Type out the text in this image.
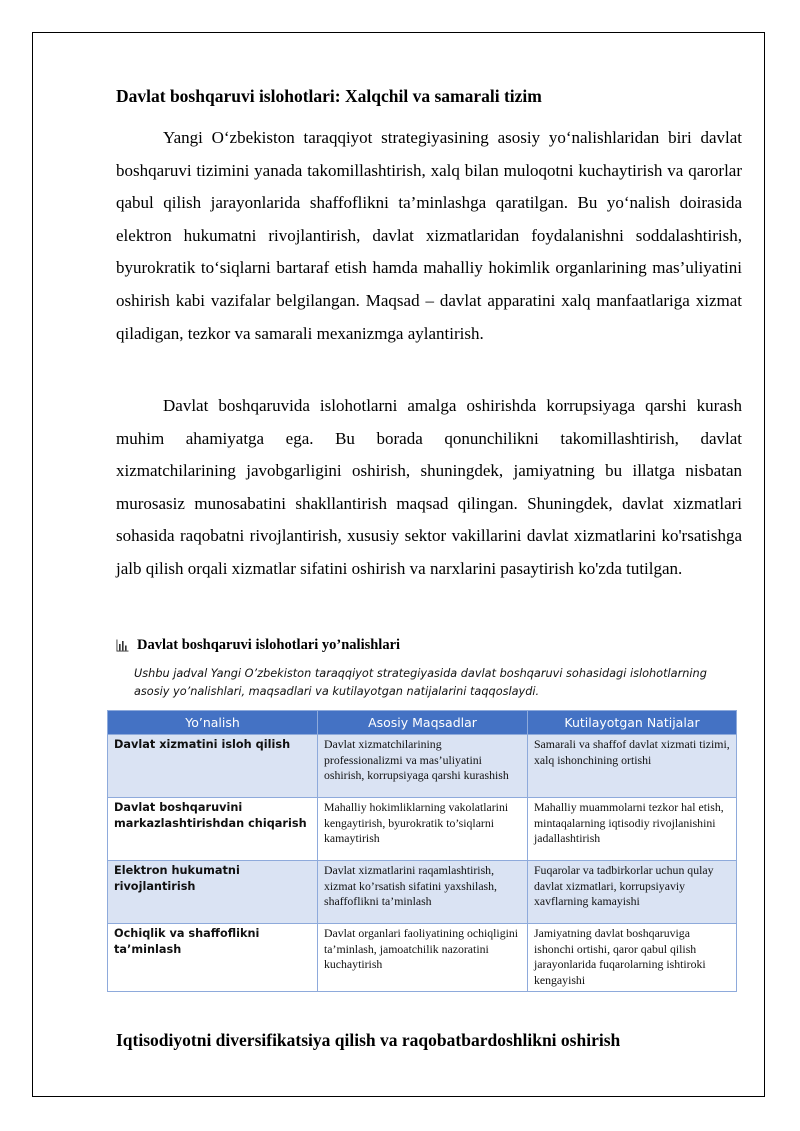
Davlat boshqaruvi islohotlari: Xalqchil va samarali tizim

Yangi O‘zbekiston taraqqiyot strategiyasining asosiy yo‘nalishlaridan biri davlat boshqaruvi tizimini yanada takomillashtirish, xalq bilan muloqotni kuchaytirish va qarorlar qabul qilish jarayonlarida shaffoflikni ta’minlashga qaratilgan. Bu yo‘nalish doirasida elektron hukumatni rivojlantirish, davlat xizmatlaridan foydalanishni soddalashtirish, byurokratik to‘siqlarni bartaraf etish hamda mahalliy hokimlik organlarining mas’uliyatini oshirish kabi vazifalar belgilangan. Maqsad – davlat apparatini xalq manfaatlariga xizmat qiladigan, tezkor va samarali mexanizmga aylantirish.

Davlat boshqaruvida islohotlarni amalga oshirishda korrupsiyaga qarshi kurash muhim ahamiyatga ega. Bu borada qonunchilikni takomillashtirish, davlat xizmatchilarining javobgarligini oshirish, shuningdek, jamiyatning bu illatga nisbatan murosasiz munosabatini shakllantirish maqsad qilingan. Shuningdek, davlat xizmatlari sohasida raqobatni rivojlantirish, xususiy sektor vakillarini davlat xizmatlarini ko'rsatishga jalb qilish orqali xizmatlar sifatini oshirish va narxlarini pasaytirish ko'zda tutilgan.

Davlat boshqaruvi islohotlari yo’nalishlari
Ushbu jadval Yangi O’zbekiston taraqqiyot strategiyasida davlat boshqaruvi sohasidagi islohotlarning asosiy yo’nalishlari, maqsadlari va kutilayotgan natijalarini taqqoslaydi.
Yo’nalish	Asosiy Maqsadlar	Kutilayotgan Natijalar
Davlat xizmatini isloh qilish	Davlat xizmatchilarining professionalizmi va mas’uliyatini oshirish, korrupsiyaga qarshi kurashish	Samarali va shaffof davlat xizmati tizimi, xalq ishonchining ortishi
Davlat boshqaruvini markazlashtirishdan chiqarish	Mahalliy hokimliklarning vakolatlarini kengaytirish, byurokratik to’siqlarni kamaytirish	Mahalliy muammolarni tezkor hal etish, mintaqalarning iqtisodiy rivojlanishini jadallashtirish
Elektron hukumatni rivojlantirish	Davlat xizmatlarini raqamlashtirish, xizmat ko’rsatish sifatini yaxshilash, shaffoflikni ta’minlash	Fuqarolar va tadbirkorlar uchun qulay davlat xizmatlari, korrupsiyaviy xavflarning kamayishi
Ochiqlik va shaffoflikni ta’minlash	Davlat organlari faoliyatining ochiqligini ta’minlash, jamoatchilik nazoratini kuchaytirish	Jamiyatning davlat boshqaruviga ishonchi ortishi, qaror qabul qilish jarayonlarida fuqarolarning ishtiroki kengayishi
Iqtisodiyotni diversifikatsiya qilish va raqobatbardoshlikni oshirish
